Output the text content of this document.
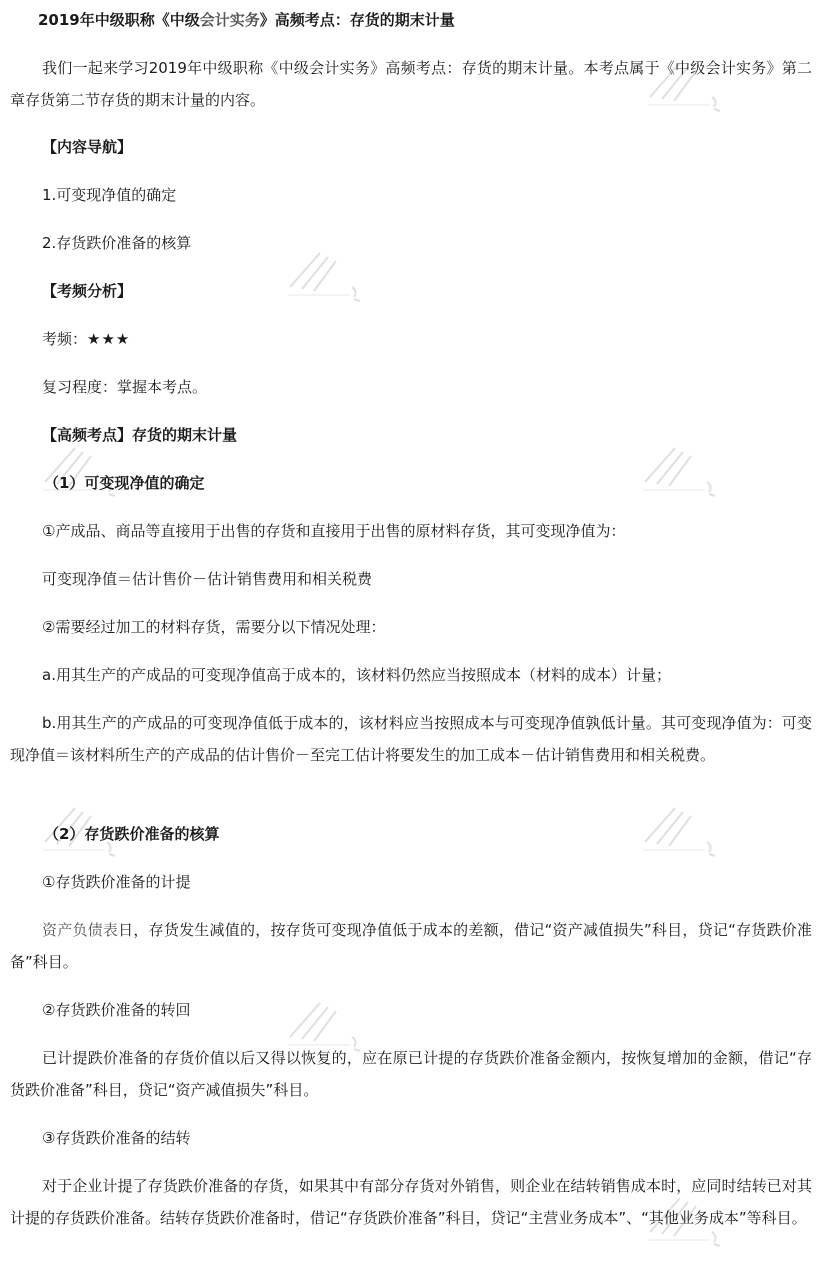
2019年中级职称《中级会计实务》高频考点：存货的期末计量
我们一起来学习2019年中级职称《中级会计实务》高频考点：存货的期末计量。本考点属于《中级会计实务》第二章存货第二节存货的期末计量的内容。
【内容导航】
1.可变现净值的确定
2.存货跌价准备的核算
【考频分析】
考频：★★★
复习程度：掌握本考点。
【高频考点】存货的期末计量
（1）可变现净值的确定
①产成品、商品等直接用于出售的存货和直接用于出售的原材料存货，其可变现净值为：
可变现净值＝估计售价－估计销售费用和相关税费
②需要经过加工的材料存货，需要分以下情况处理：
a.用其生产的产成品的可变现净值高于成本的，该材料仍然应当按照成本（材料的成本）计量；
b.用其生产的产成品的可变现净值低于成本的，该材料应当按照成本与可变现净值孰低计量。其可变现净值为：可变现净值＝该材料所生产的产成品的估计售价－至完工估计将要发生的加工成本－估计销售费用和相关税费。
（2）存货跌价准备的核算
①存货跌价准备的计提
资产负债表日，存货发生减值的，按存货可变现净值低于成本的差额，借记“资产减值损失”科目，贷记“存货跌价准备”科目。
②存货跌价准备的转回
已计提跌价准备的存货价值以后又得以恢复的，应在原已计提的存货跌价准备金额内，按恢复增加的金额，借记“存货跌价准备”科目，贷记“资产减值损失”科目。
③存货跌价准备的结转
对于企业计提了存货跌价准备的存货，如果其中有部分存货对外销售，则企业在结转销售成本时，应同时结转已对其计提的存货跌价准备。结转存货跌价准备时，借记“存货跌价准备”科目，贷记“主营业务成本”、“其他业务成本”等科目。
